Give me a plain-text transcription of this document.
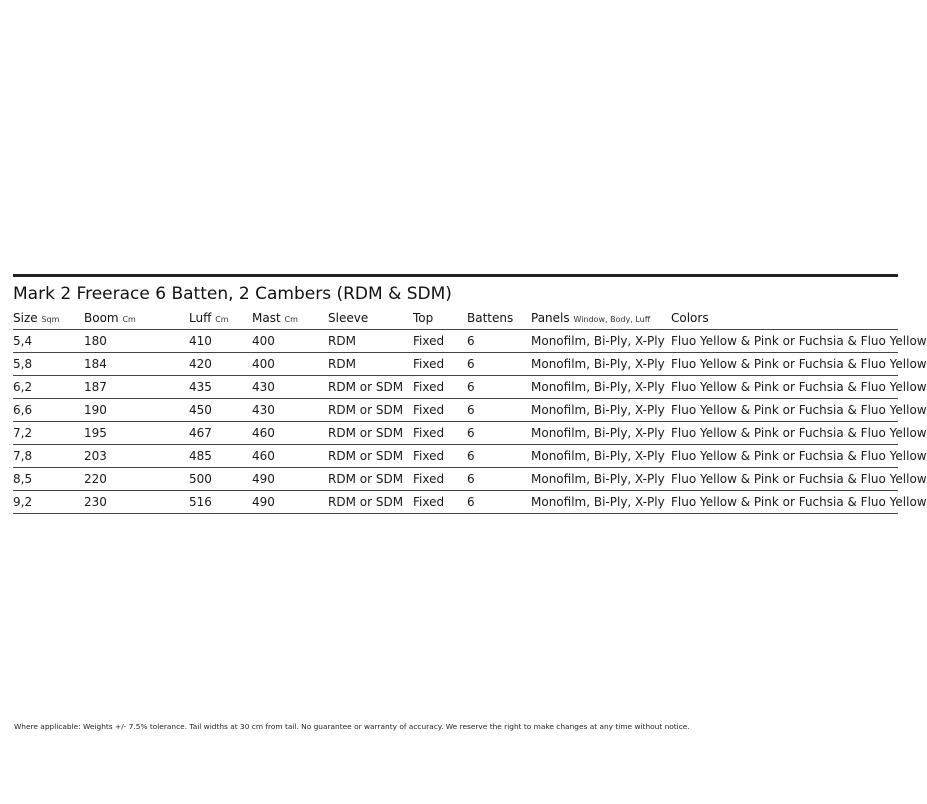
Mark 2 Freerace 6 Batten, 2 Cambers (RDM & SDM)
Size Sqm	Boom Cm	Luff Cm	Mast Cm	Sleeve	Top	Battens	Panels Window, Body, Luff	Colors
5,4	180	410	400	RDM	Fixed	6	Monofilm, Bi-Ply, X-Ply	Fluo Yellow & Pink or Fuchsia & Fluo Yellow
5,8	184	420	400	RDM	Fixed	6	Monofilm, Bi-Ply, X-Ply	Fluo Yellow & Pink or Fuchsia & Fluo Yellow
6,2	187	435	430	RDM or SDM	Fixed	6	Monofilm, Bi-Ply, X-Ply	Fluo Yellow & Pink or Fuchsia & Fluo Yellow
6,6	190	450	430	RDM or SDM	Fixed	6	Monofilm, Bi-Ply, X-Ply	Fluo Yellow & Pink or Fuchsia & Fluo Yellow
7,2	195	467	460	RDM or SDM	Fixed	6	Monofilm, Bi-Ply, X-Ply	Fluo Yellow & Pink or Fuchsia & Fluo Yellow
7,8	203	485	460	RDM or SDM	Fixed	6	Monofilm, Bi-Ply, X-Ply	Fluo Yellow & Pink or Fuchsia & Fluo Yellow
8,5	220	500	490	RDM or SDM	Fixed	6	Monofilm, Bi-Ply, X-Ply	Fluo Yellow & Pink or Fuchsia & Fluo Yellow
9,2	230	516	490	RDM or SDM	Fixed	6	Monofilm, Bi-Ply, X-Ply	Fluo Yellow & Pink or Fuchsia & Fluo Yellow
Where applicable: Weights +/- 7.5% tolerance. Tail widths at 30 cm from tail. No guarantee or warranty of accuracy. We reserve the right to make changes at any time without notice.
